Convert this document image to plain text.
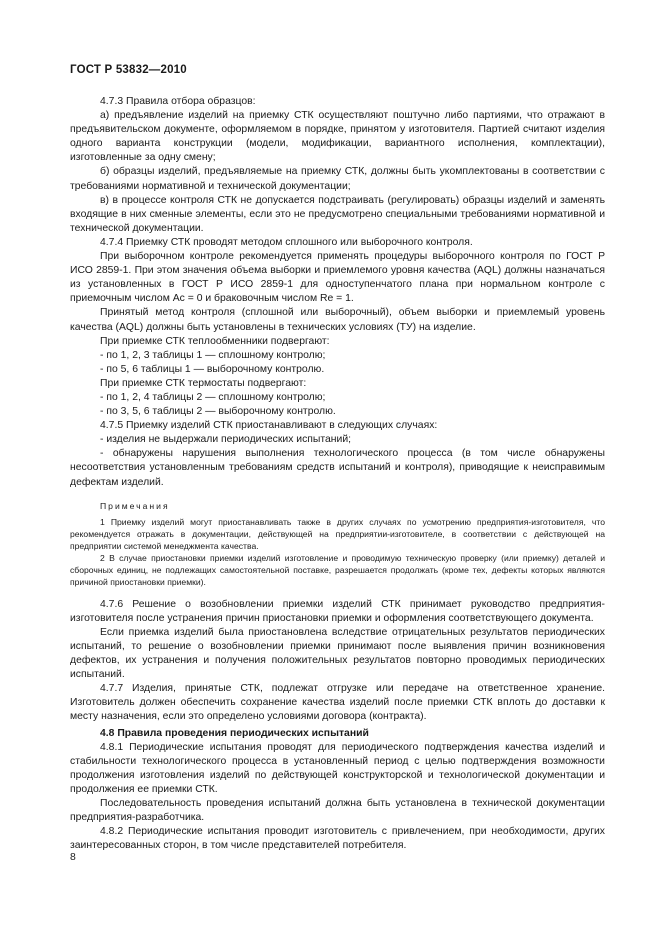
ГОСТ Р 53832—2010

4.7.3 Правила отбора образцов:

а) предъявление изделий на приемку СТК осуществляют поштучно либо партиями, что отражают в предъявительском документе, оформляемом в порядке, принятом у изготовителя. Партией считают изделия одного варианта конструкции (модели, модификации, вариантного исполнения, комплектации), изготовленные за одну смену;

б) образцы изделий, предъявляемые на приемку СТК, должны быть укомплектованы в соответствии с требованиями нормативной и технической документации;

в) в процессе контроля СТК не допускается подстраивать (регулировать) образцы изделий и заменять входящие в них сменные элементы, если это не предусмотрено специальными требованиями нормативной и технической документации.

4.7.4 Приемку СТК проводят методом сплошного или выборочного контроля.

При выборочном контроле рекомендуется применять процедуры выборочного контроля по ГОСТ Р ИСО 2859-1. При этом значения объема выборки и приемлемого уровня качества (AQL) должны назначаться из установленных в ГОСТ Р ИСО 2859-1 для одноступенчатого плана при нормальном контроле с приемочным числом Ac = 0 и браковочным числом Re = 1.

Принятый метод контроля (сплошной или выборочный), объем выборки и приемлемый уровень качества (AQL) должны быть установлены в технических условиях (ТУ) на изделие.

При приемке СТК теплообменники подвергают:

- по 1, 2, 3 таблицы 1 — сплошному контролю;

- по 5, 6 таблицы 1 — выборочному контролю.

При приемке СТК термостаты подвергают:

- по 1, 2, 4 таблицы 2 — сплошному контролю;

- по 3, 5, 6 таблицы 2 — выборочному контролю.

4.7.5 Приемку изделий СТК приостанавливают в следующих случаях:

- изделия не выдержали периодических испытаний;

- обнаружены нарушения выполнения технологического процесса (в том числе обнаружены несоответствия установленным требованиям средств испытаний и контроля), приводящие к неисправимым дефектам изделий.

Примечания

1 Приемку изделий могут приостанавливать также в других случаях по усмотрению предприятия-изготовителя, что рекомендуется отражать в документации, действующей на предприятии-изготовителе, в соответствии с действующей на предприятии системой менеджмента качества.

2 В случае приостановки приемки изделий изготовление и проводимую техническую проверку (или приемку) деталей и сборочных единиц, не подлежащих самостоятельной поставке, разрешается продолжать (кроме тех, дефекты которых являются причиной приостановки приемки).

4.7.6 Решение о возобновлении приемки изделий СТК принимает руководство предприятия-изготовителя после устранения причин приостановки приемки и оформления соответствующего документа.

Если приемка изделий была приостановлена вследствие отрицательных результатов периодических испытаний, то решение о возобновлении приемки принимают после выявления причин возникновения дефектов, их устранения и получения положительных результатов повторно проводимых периодических испытаний.

4.7.7 Изделия, принятые СТК, подлежат отгрузке или передаче на ответственное хранение. Изготовитель должен обеспечить сохранение качества изделий после приемки СТК вплоть до доставки к месту назначения, если это определено условиями договора (контракта).

4.8 Правила проведения периодических испытаний

4.8.1 Периодические испытания проводят для периодического подтверждения качества изделий и стабильности технологического процесса в установленный период с целью подтверждения возможности продолжения изготовления изделий по действующей конструкторской и технологической документации и продолжения ее приемки СТК.

Последовательность проведения испытаний должна быть установлена в технической документации предприятия-разработчика.

4.8.2 Периодические испытания проводит изготовитель с привлечением, при необходимости, других заинтересованных сторон, в том числе представителей потребителя.

8
